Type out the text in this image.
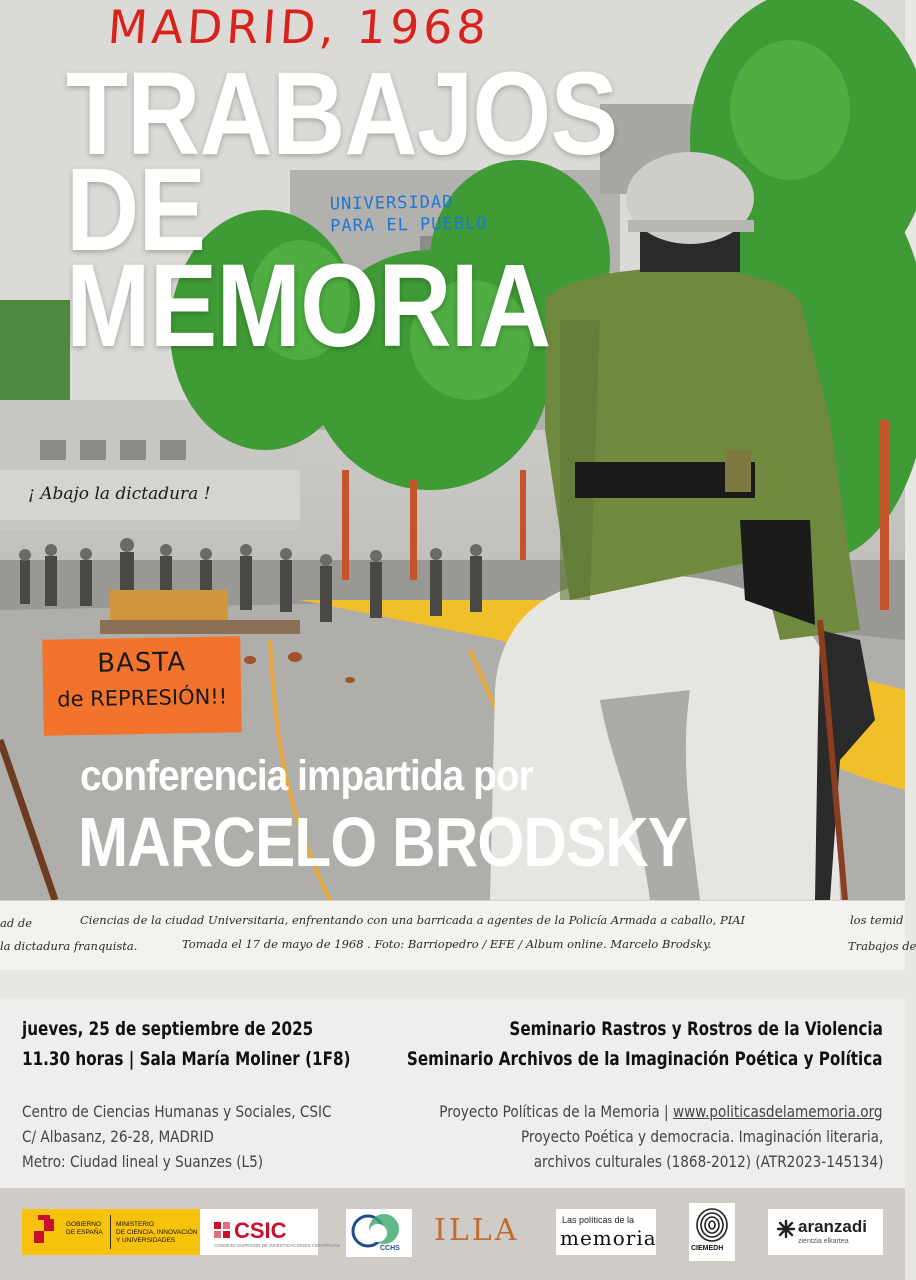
MADRID, 1968
TRABAJOS
DE
MEMORIA
UNIVERSIDAD
PARA EL PUEBLO
¡ Abajo la dictadura !
BASTA
de REPRESIÓN!!
conferencia impartida por
MARCELO BRODSKY
ad de	Ciencias de la ciudad Universitaria, enfrentando con una barricada a agentes de la Policía Armada a caballo, PIAI	los temid
la dictadura franquista.	Tomada el 17 de mayo de 1968 . Foto: Barriopedro / EFE / Album online. Marcelo Brodsky.	Trabajos de
jueves, 25 de septiembre de 2025
11.30 horas | Sala María Moliner (1F8)
Centro de Ciencias Humanas y Sociales, CSIC
C/ Albasanz, 26-28, MADRID
Metro: Ciudad lineal y Suanzes (L5)
Seminario Rastros y Rostros de la Violencia
Seminario Archivos de la Imaginación Poética y Política
Proyecto Políticas de la Memoria | www.politicasdelamemoria.org
Proyecto Poética y democracia. Imaginación literaria,
archivos culturales (1868-2012) (ATR2023-145134)
GOBIERNO
DE ESPAÑA
MINISTERIO
DE CIENCIA, INNOVACIÓN
Y UNIVERSIDADES	CSIC
CONSEJO SUPERIOR DE INVESTIGACIONES CIENTÍFICAS	CCHS
ILLA	Las políticas de la
memoria	CIEMEDH
aranzadi
zientzia elkartea
